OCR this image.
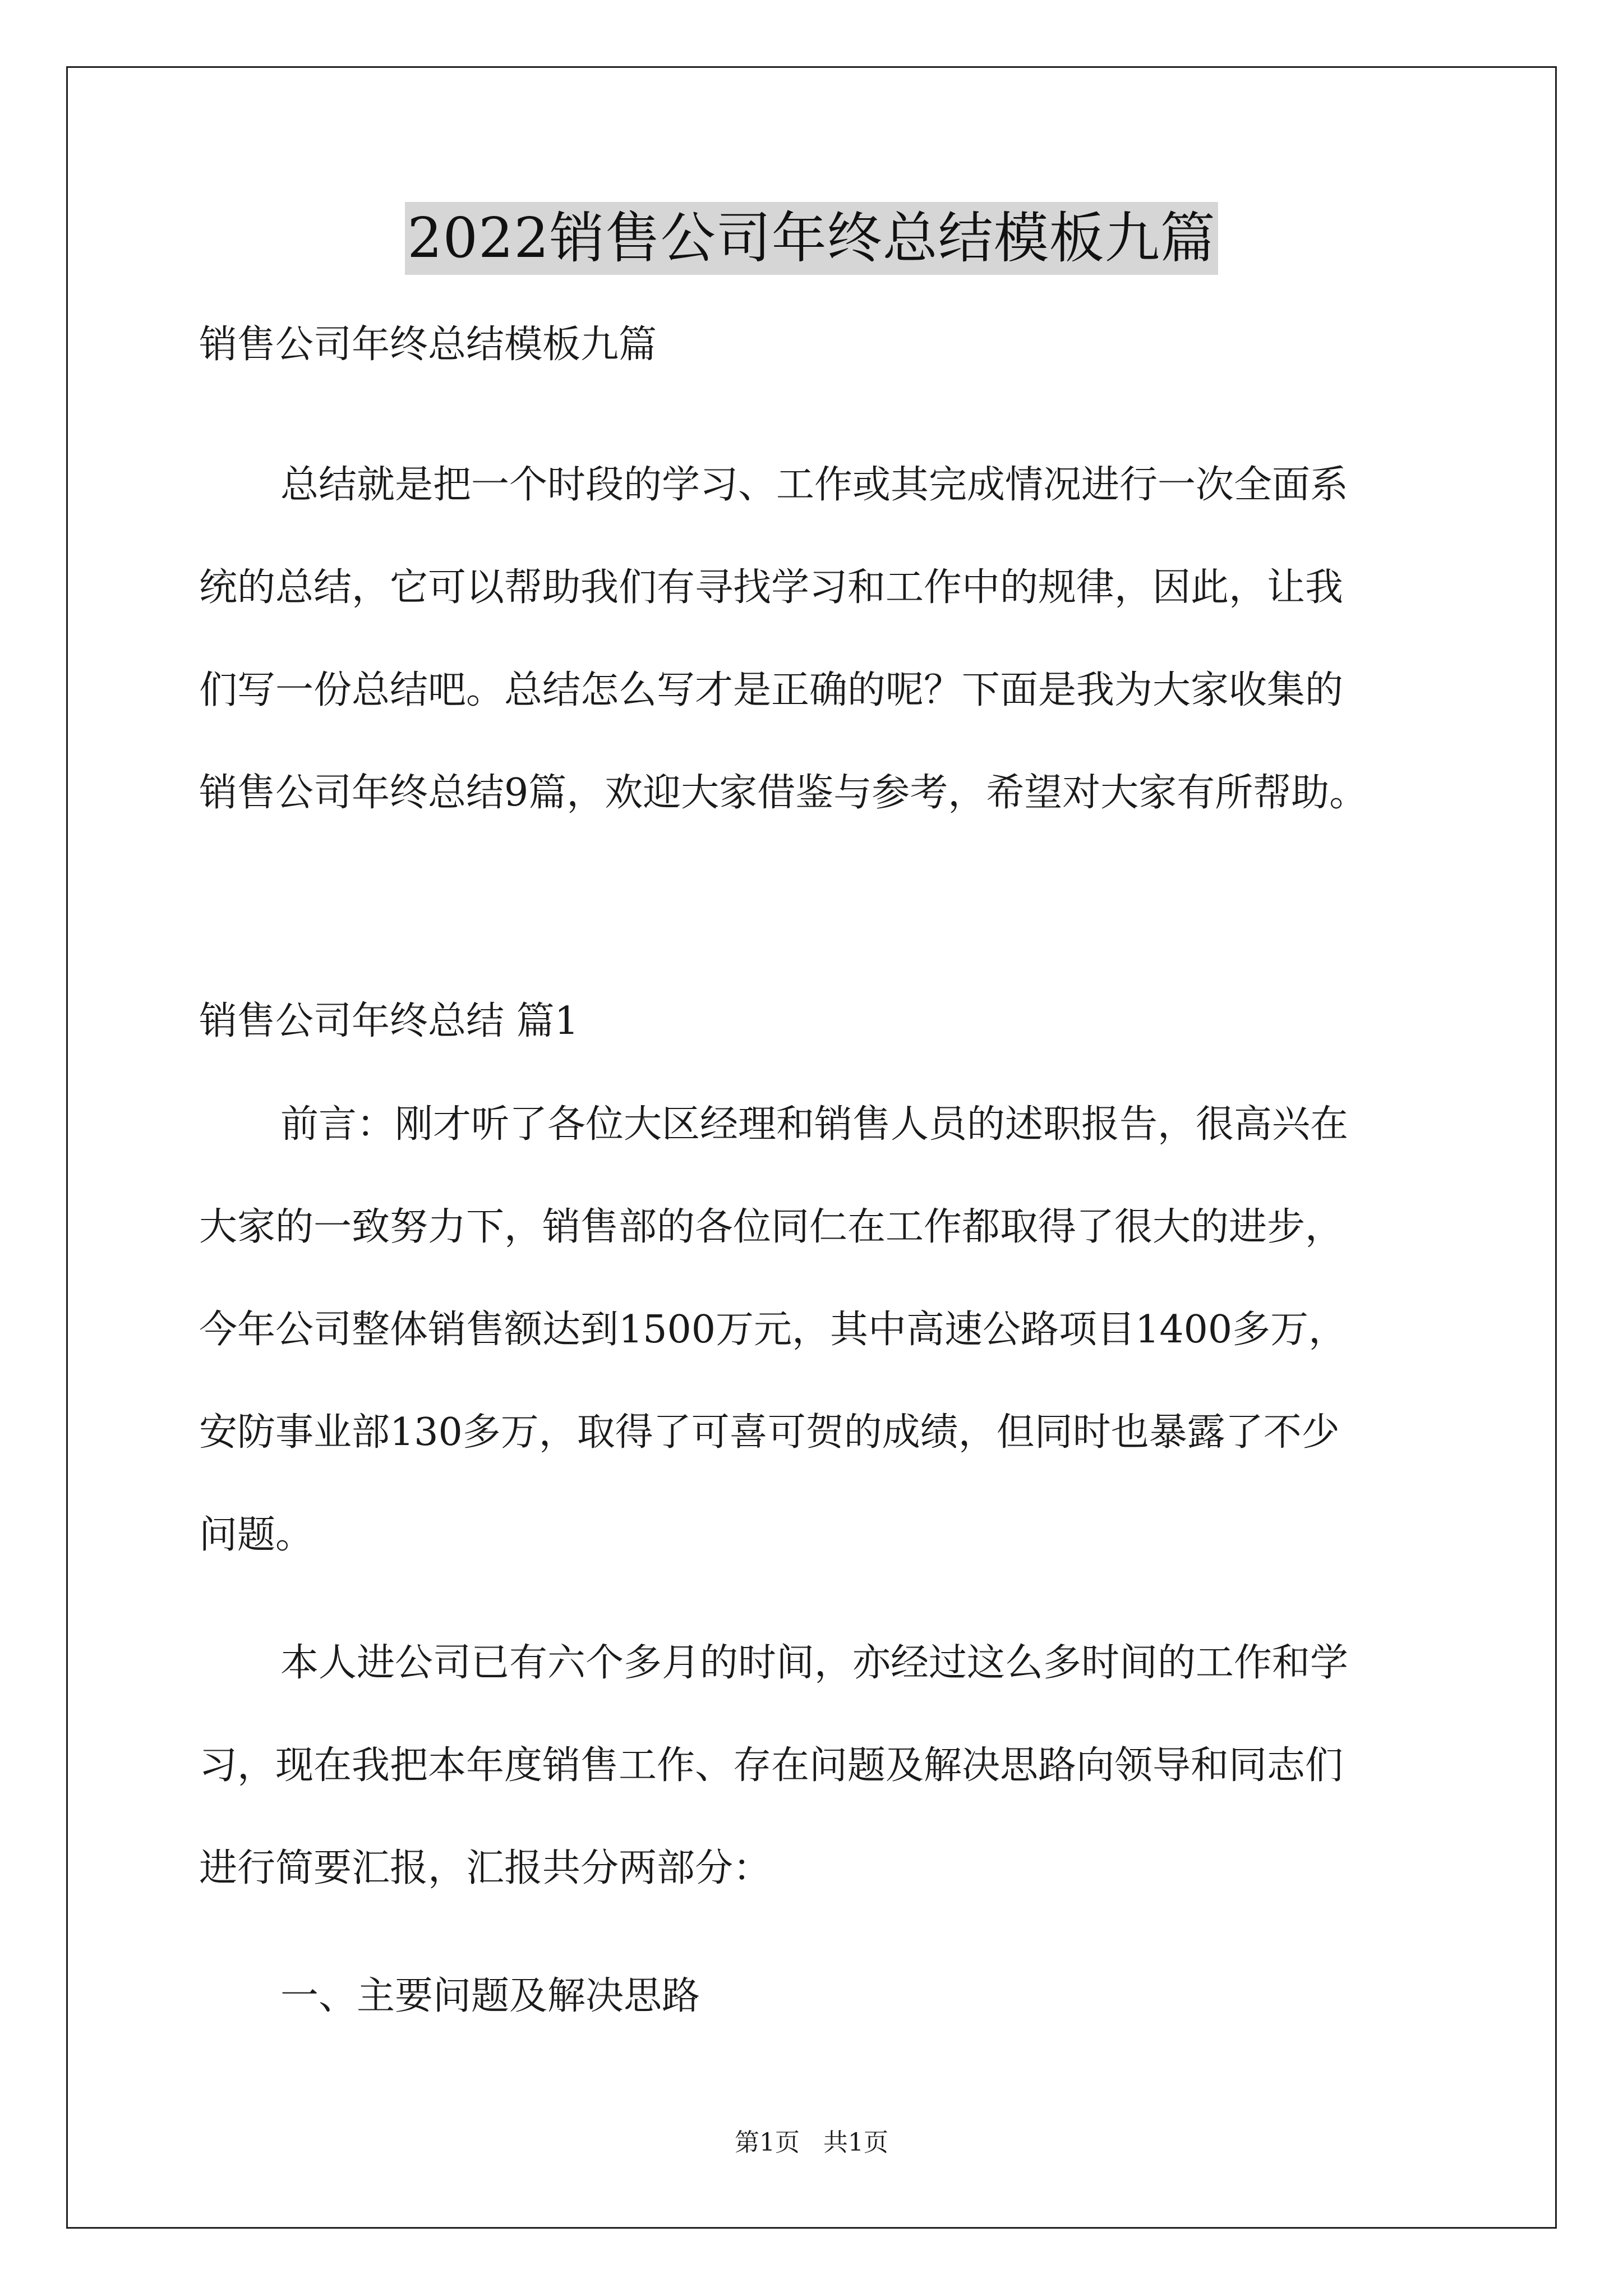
2022销售公司年终总结模板九篇
销售公司年终总结模板九篇
总结就是把一个时段的学习、工作或其完成情况进行一次全面系
统的总结，它可以帮助我们有寻找学习和工作中的规律，因此，让我
们写一份总结吧。总结怎么写才是正确的呢？下面是我为大家收集的
销售公司年终总结9篇，欢迎大家借鉴与参考，希望对大家有所帮助。
销售公司年终总结 篇1
前言：刚才听了各位大区经理和销售人员的述职报告，很高兴在
大家的一致努力下，销售部的各位同仁在工作都取得了很大的进步，
今年公司整体销售额达到1500万元，其中高速公路项目1400多万，
安防事业部130多万，取得了可喜可贺的成绩，但同时也暴露了不少
问题。
本人进公司已有六个多月的时间，亦经过这么多时间的工作和学
习，现在我把本年度销售工作、存在问题及解决思路向领导和同志们
进行简要汇报，汇报共分两部分：
一、主要问题及解决思路
第1页 共1页
